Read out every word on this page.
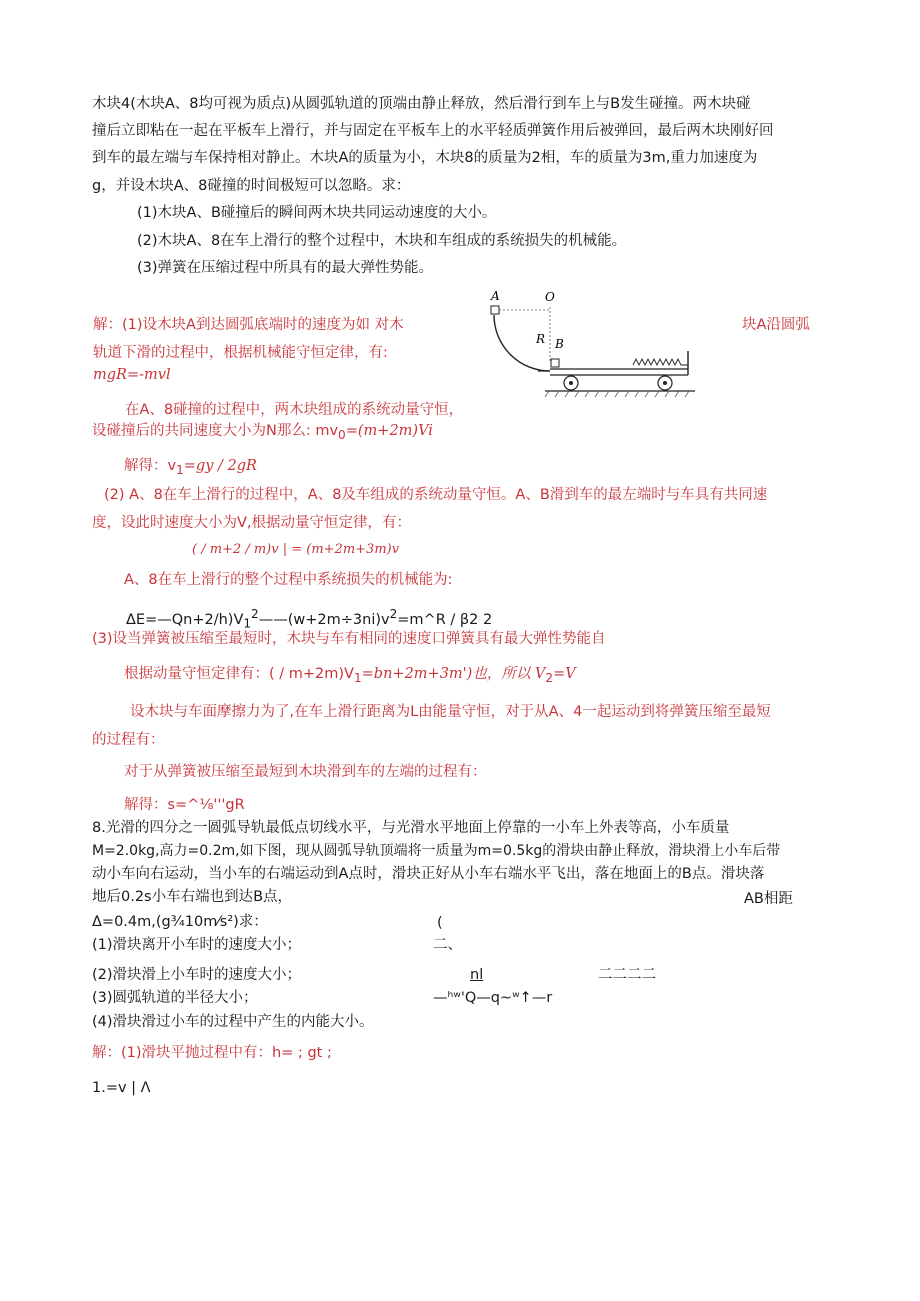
木块4(木块A、8均可视为质点)从圆弧轨道的顶端由静止释放，然后滑行到车上与B发生碰撞。两木块碰
撞后立即粘在一起在平板车上滑行，并与固定在平板车上的水平轻质弹簧作用后被弹回，最后两木块刚好回
到车的最左端与车保持相对静止。木块A的质量为小，木块8的质量为2相，车的质量为3m,重力加速度为
g，并设木块A、8碰撞的时间极短可以忽略。求：
(1)木块A、B碰撞后的瞬间两木块共同运动速度的大小。
(2)木块A、8在车上滑行的整个过程中，木块和车组成的系统损失的机械能。
(3)弹簧在压缩过程中所具有的最大弹性势能。
A	O
R B
解：(1)设木块A到达圆弧底端时的速度为如 对木	块A沿圆弧
轨道下滑的过程中，根据机械能守恒定律，有:
mgR=-mvl
在A、8碰撞的过程中，两木块组成的系统动量守恒，
设碰撞后的共同速度大小为N那么: $mv_0=(m+2m)Vi$
解得：$v_1=gy / 2gR$
(2) A、8在车上滑行的过程中，A、8及车组成的系统动量守恒。A、B滑到车的最左端时与车具有共同速
度，设此时速度大小为V,根据动量守恒定律，有：
( / m+2 / m)v | = (m+2m+3m)v
A、8在车上滑行的整个过程中系统损失的机械能为:
$\Delta E=—Qn+2/h)V_1^2——(w+2m\div 3ni)v^2=m\^{}R / \beta 2$ 2
(3)设当弹簧被压缩至最短时，木块与车有相同的速度口弹簧具有最大弹性势能自
根据动量守恒定律有：( / $m+2m)V_1=bn+2m+3m'$)也，所以 $V_2=V$
设木块与车面摩擦力为了,在车上滑行距离为L由能量守恒，对于从A、4一起运动到将弹簧压缩至最短
的过程有：
对于从弹簧被压缩至最短到木块滑到车的左端的过程有：
解得：s=^⅛'''gR
8.光滑的四分之一圆弧导轨最低点切线水平，与光滑水平地面上停靠的一小车上外表等高，小车质量
M=2.0kg,高力=0.2m,如下图，现从圆弧导轨顶端将一质量为m=0.5kg的滑块由静止释放，滑块滑上小车后带
动小车向右运动，当小车的右端运动到A点时，滑块正好从小车右端水平飞出，落在地面上的B点。滑块落
地后0.2s小车右端也到达B点，	AB相距
Δ=0.4m,(g¾10m⁄s²)求：	(
(1)滑块离开小车时的速度大小；	二、
(2)滑块滑上小车时的速度大小；	nl	二二二二
(3)圆弧轨道的半径大小；	—ʰʷ'Q—q~ʷ↑—r
(4)滑块滑过小车的过程中产生的内能大小。
解：(1)滑块平抛过程中有：h= ; gt ;
1.=v | Λ
